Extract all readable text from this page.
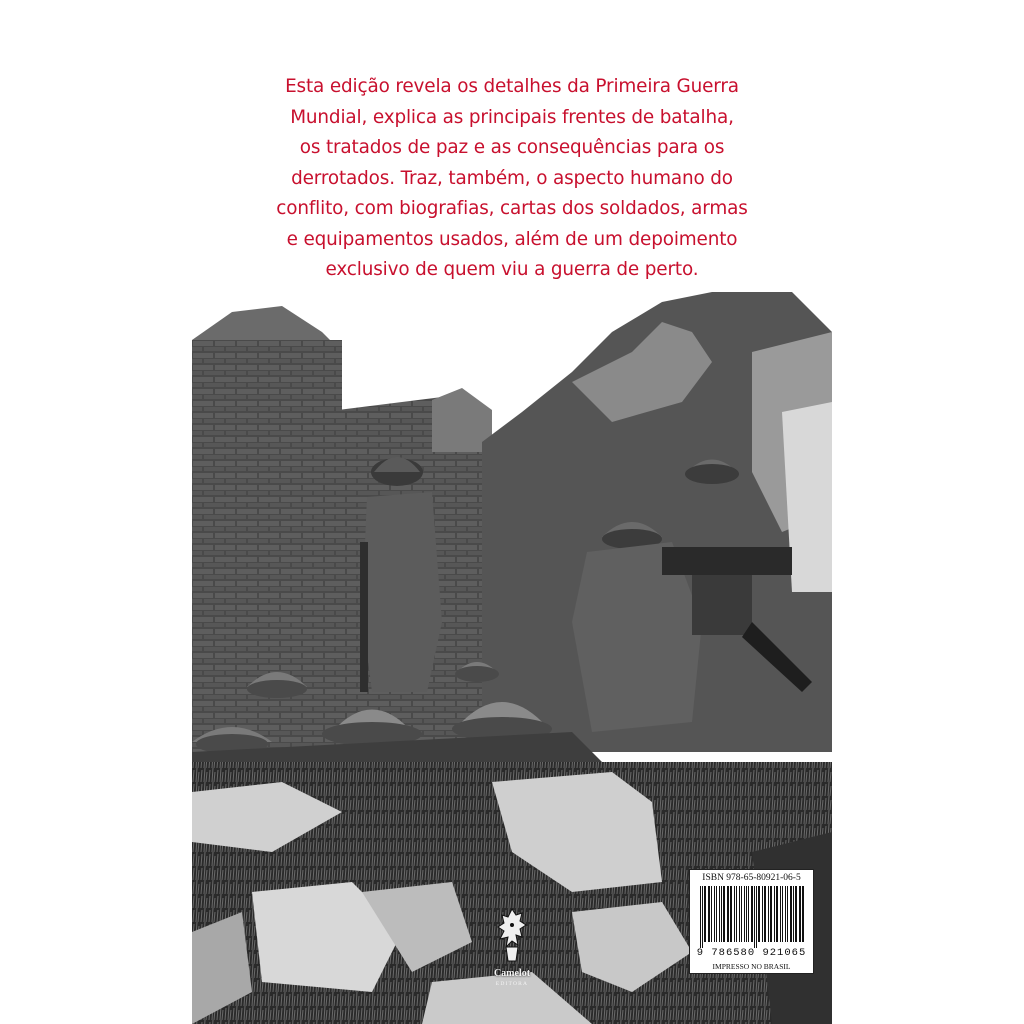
Esta edição revela os detalhes da Primeira Guerra
Mundial, explica as principais frentes de batalha,
os tratados de paz e as consequências para os
derrotados. Traz, também, o aspecto humano do
conflito, com biografias, cartas dos soldados, armas
e equipamentos usados, além de um depoimento
exclusivo de quem viu a guerra de perto.
Camelot
EDITORA
ISBN 978-65-80921-06-5
9 786580 921065
IMPRESSO NO BRASIL
